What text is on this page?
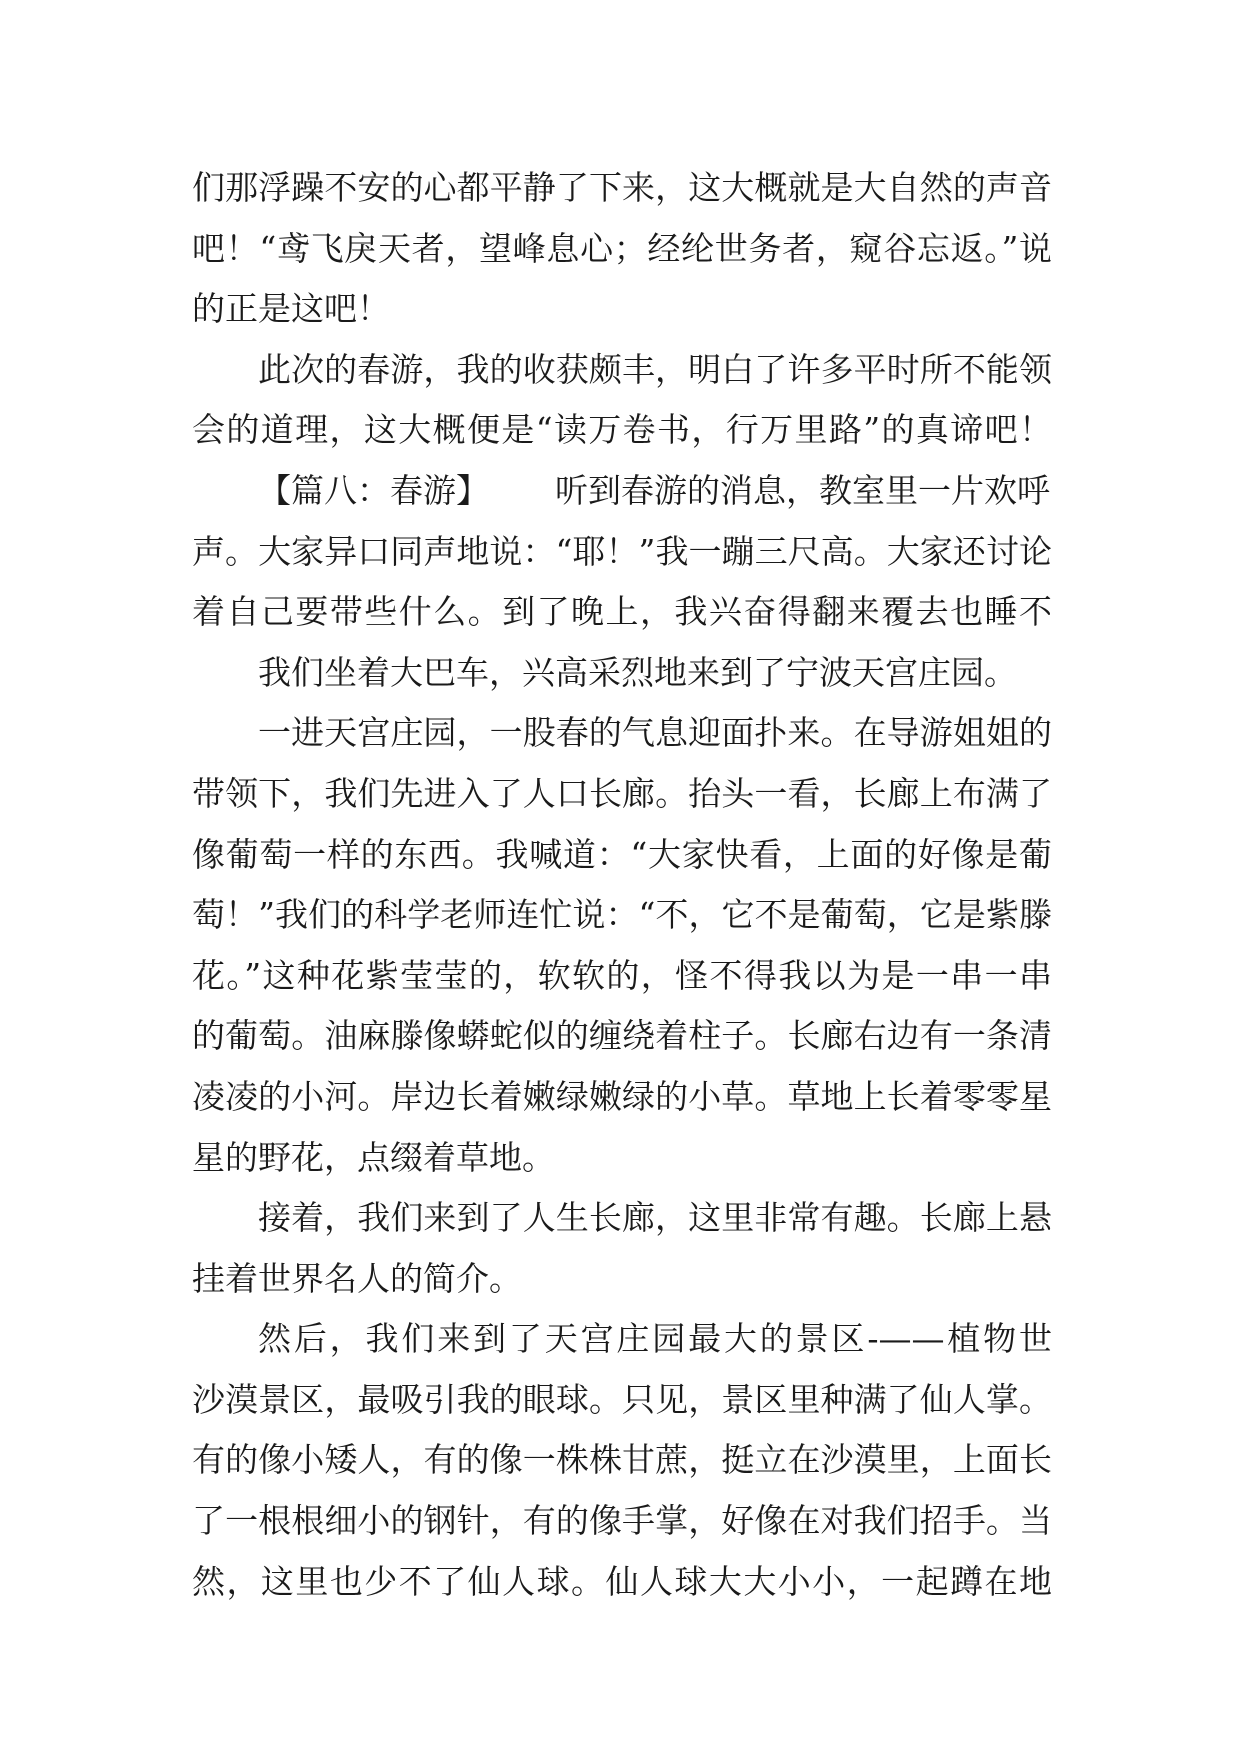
们那浮躁不安的心都平静了下来，这大概就是大自然的声音
吧！“鸢飞戾天者，望峰息心；经纶世务者，窥谷忘返。”说
的正是这吧！
此次的春游，我的收获颇丰，明白了许多平时所不能领
会的道理，这大概便是“读万卷书，行万里路”的真谛吧！
【篇八：春游】 听到春游的消息，教室里一片欢呼
声。大家异口同声地说：“耶！”我一蹦三尺高。大家还讨论
着自己要带些什么。到了晚上，我兴奋得翻来覆去也睡不
我们坐着大巴车，兴高采烈地来到了宁波天宫庄园。
一进天宫庄园，一股春的气息迎面扑来。在导游姐姐的
带领下，我们先进入了人口长廊。抬头一看，长廊上布满了
像葡萄一样的东西。我喊道：“大家快看，上面的好像是葡
萄！”我们的科学老师连忙说：“不，它不是葡萄，它是紫滕
花。”这种花紫莹莹的，软软的，怪不得我以为是一串一串
的葡萄。油麻滕像蟒蛇似的缠绕着柱子。长廊右边有一条清
凌凌的小河。岸边长着嫩绿嫩绿的小草。草地上长着零零星
星的野花，点缀着草地。
接着，我们来到了人生长廊，这里非常有趣。长廊上悬
挂着世界名人的简介。
然后，我们来到了天宫庄园最大的景区-——植物世
沙漠景区，最吸引我的眼球。只见，景区里种满了仙人掌。
有的像小矮人，有的像一株株甘蔗，挺立在沙漠里，上面长
了一根根细小的钢针，有的像手掌，好像在对我们招手。当
然，这里也少不了仙人球。仙人球大大小小，一起蹲在地
